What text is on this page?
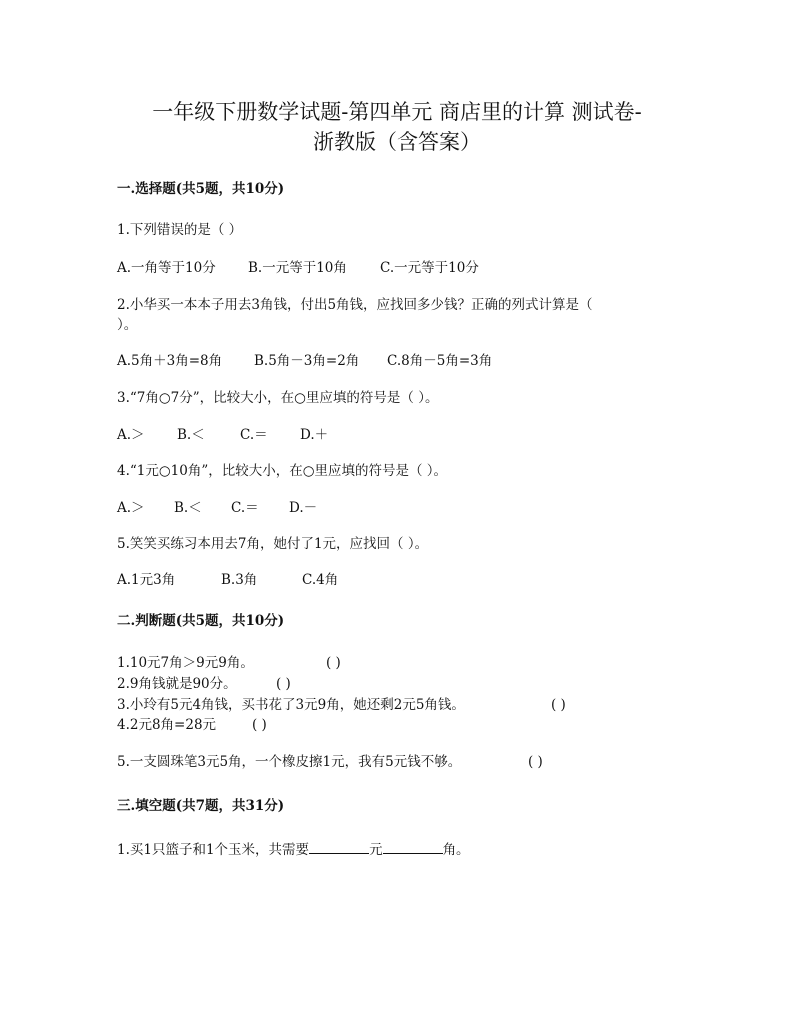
一年级下册数学试题-第四单元 商店里的计算 测试卷-
浙教版（含答案）
一.选择题(共5题，共10分)
1.下列错误的是（ ）
A.一角等于10分 B.一元等于10角 C.一元等于10分
2.小华买一本本子用去3角钱，付出5角钱，应找回多少钱？正确的列式计算是（
）。
A.5角＋3角=8角 B.5角－3角=2角 C.8角－5角=3角
3.“7角○7分”，比较大小，在○里应填的符号是（ ）。
A.＞ B.＜	C.＝ D.＋
4.“1元○10角”，比较大小，在○里应填的符号是（ ）。
A.＞ B.＜ C.＝ D.－
5.笑笑买练习本用去7角，她付了1元，应找回（ ）。
A.1元3角	B.3角	C.4角
二.判断题(共5题，共10分)
1.10元7角＞9元9角。	( )
2.9角钱就是90分。	( )
3.小玲有5元4角钱，买书花了3元9角，她还剩2元5角钱。	( )
4.2元8角=28元	( )
5.一支圆珠笔3元5角，一个橡皮擦1元，我有5元钱不够。	( )
三.填空题(共7题，共31分)
1.买1只篮子和1个玉米，共需要	元	角。
